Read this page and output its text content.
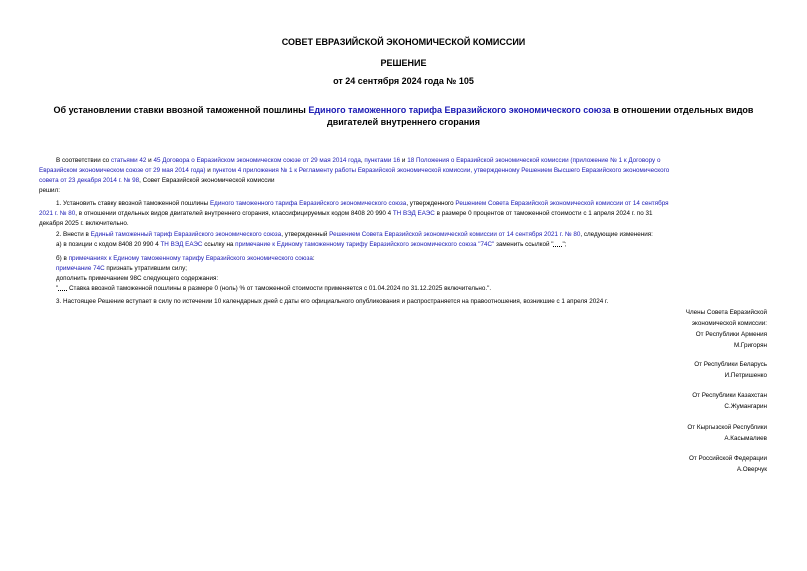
СОВЕТ ЕВРАЗИЙСКОЙ ЭКОНОМИЧЕСКОЙ КОМИССИИ
РЕШЕНИЕ
от 24 сентября 2024 года № 105
Об установлении ставки ввозной таможенной пошлины Единого таможенного тарифа Евразийского экономического союза в отношении отдельных видов
двигателей внутреннего сгорания
В соответствии со статьями 42 и 45 Договора о Евразийском экономическом союзе от 29 мая 2014 года, пунктами 16 и 18 Положения о Евразийской экономической комиссии (приложение № 1 к Договору о
Евразийском экономическом союзе от 29 мая 2014 года) и пунктом 4 приложения № 1 к Регламенту работы Евразийской экономической комиссии, утвержденному Решением Высшего Евразийского экономического
совета от 23 декабря 2014 г. № 98, Совет Евразийской экономической комиссии
решил:
1. Установить ставку ввозной таможенной пошлины Единого таможенного тарифа Евразийского экономического союза, утвержденного Решением Совета Евразийской экономической комиссии от 14 сентября
2021 г. № 80, в отношении отдельных видов двигателей внутреннего сгорания, классифицируемых кодом 8408 20 990 4 ТН ВЭД ЕАЭС в размере 0 процентов от таможенной стоимости с 1 апреля 2024 г. по 31
декабря 2025 г. включительно.
2. Внести в Единый таможенный тариф Евразийского экономического союза, утвержденный Решением Совета Евразийской экономической комиссии от 14 сентября 2021 г. № 80, следующие изменения:
а) в позиции с кодом 8408 20 990 4 ТН ВЭД ЕАЭС ссылку на примечание к Единому таможенному тарифу Евразийского экономического союза "74С" заменить ссылкой " ";
б) в примечаниях к Единому таможенному тарифу Евразийского экономического союза:
примечание 74С признать утратившим силу;
дополнить примечанием 98С следующего содержания:
" Ставка ввозной таможенной пошлины в размере 0 (ноль) % от таможенной стоимости применяется с 01.04.2024 по 31.12.2025 включительно.".
3. Настоящее Решение вступает в силу по истечении 10 календарных дней с даты его официального опубликования и распространяется на правоотношения, возникшие с 1 апреля 2024 г.
Члены Совета Евразийской
экономической комиссии:
От Республики Армения
М.Григорян
От Республики Беларусь
И.Петришенко
От Республики Казахстан
С.Жумангарин
От Кыргызской Республики
А.Касымалиев
От Российской Федерации
А.Оверчук
